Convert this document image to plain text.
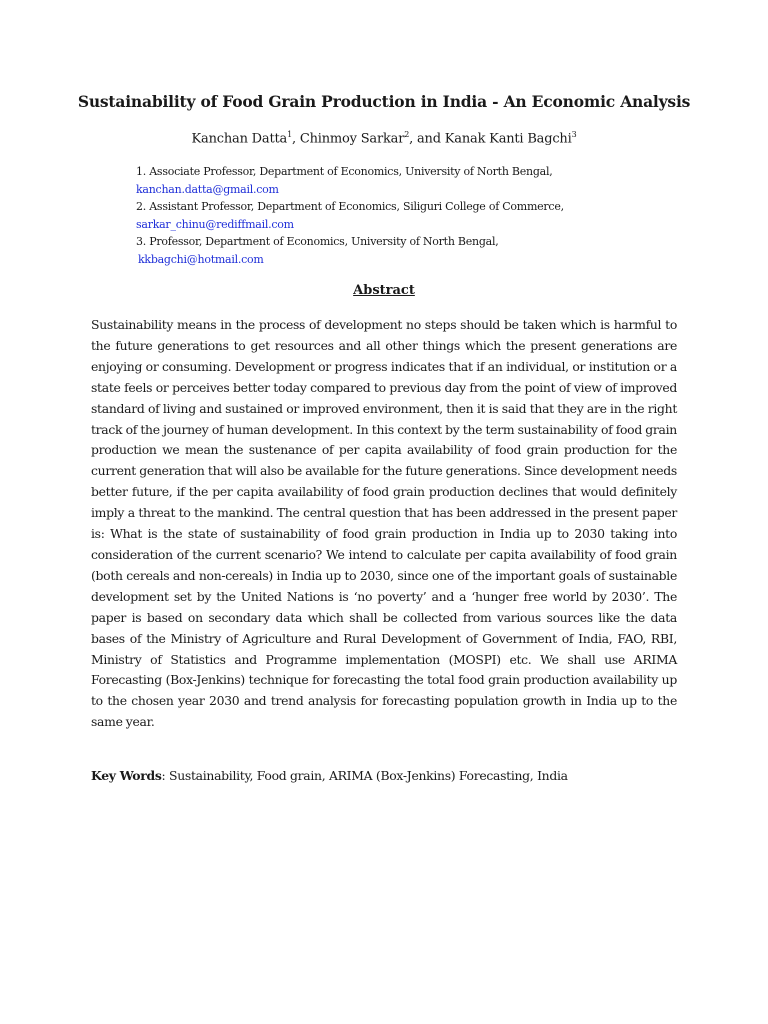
Sustainability of Food Grain Production in India - An Economic Analysis
Kanchan Datta$^1$, Chinmoy Sarkar$^2$, and Kanak Kanti Bagchi$^3$
1. Associate Professor, Department of Economics, University of North Bengal,
kanchan.datta@gmail.com
2. Assistant Professor, Department of Economics, Siliguri College of Commerce,
sarkar_chinu@rediffmail.com
3. Professor, Department of Economics, University of North Bengal,
kkbagchi@hotmail.com
Abstract
Sustainability means in the process of development no steps should be taken which is harmful to the future generations to get resources and all other things which the present generations are enjoying or consuming. Development or progress indicates that if an individual, or institution or a state feels or perceives better today compared to previous day from the point of view of improved standard of living and sustained or improved environment, then it is said that they are in the right track of the journey of human development. In this context by the term sustainability of food grain production we mean the sustenance of per capita availability of food grain production for the current generation that will also be available for the future generations. Since development needs better future, if the per capita availability of food grain production declines that would definitely imply a threat to the mankind. The central question that has been addressed in the present paper is: What is the state of sustainability of food grain production in India up to 2030 taking into consideration of the current scenario? We intend to calculate per capita availability of food grain (both cereals and non-cereals) in India up to 2030, since one of the important goals of sustainable development set by the United Nations is ‘no poverty’ and a ‘hunger free world by 2030’. The paper is based on secondary data which shall be collected from various sources like the data bases of the Ministry of Agriculture and Rural Development of Government of India, FAO, RBI, Ministry of Statistics and Programme implementation (MOSPI) etc. We shall use ARIMA Forecasting (Box-Jenkins) technique for forecasting the total food grain production availability up to the chosen year 2030 and trend analysis for forecasting population growth in India up to the same year.
Key Words: Sustainability, Food grain, ARIMA (Box-Jenkins) Forecasting, India
